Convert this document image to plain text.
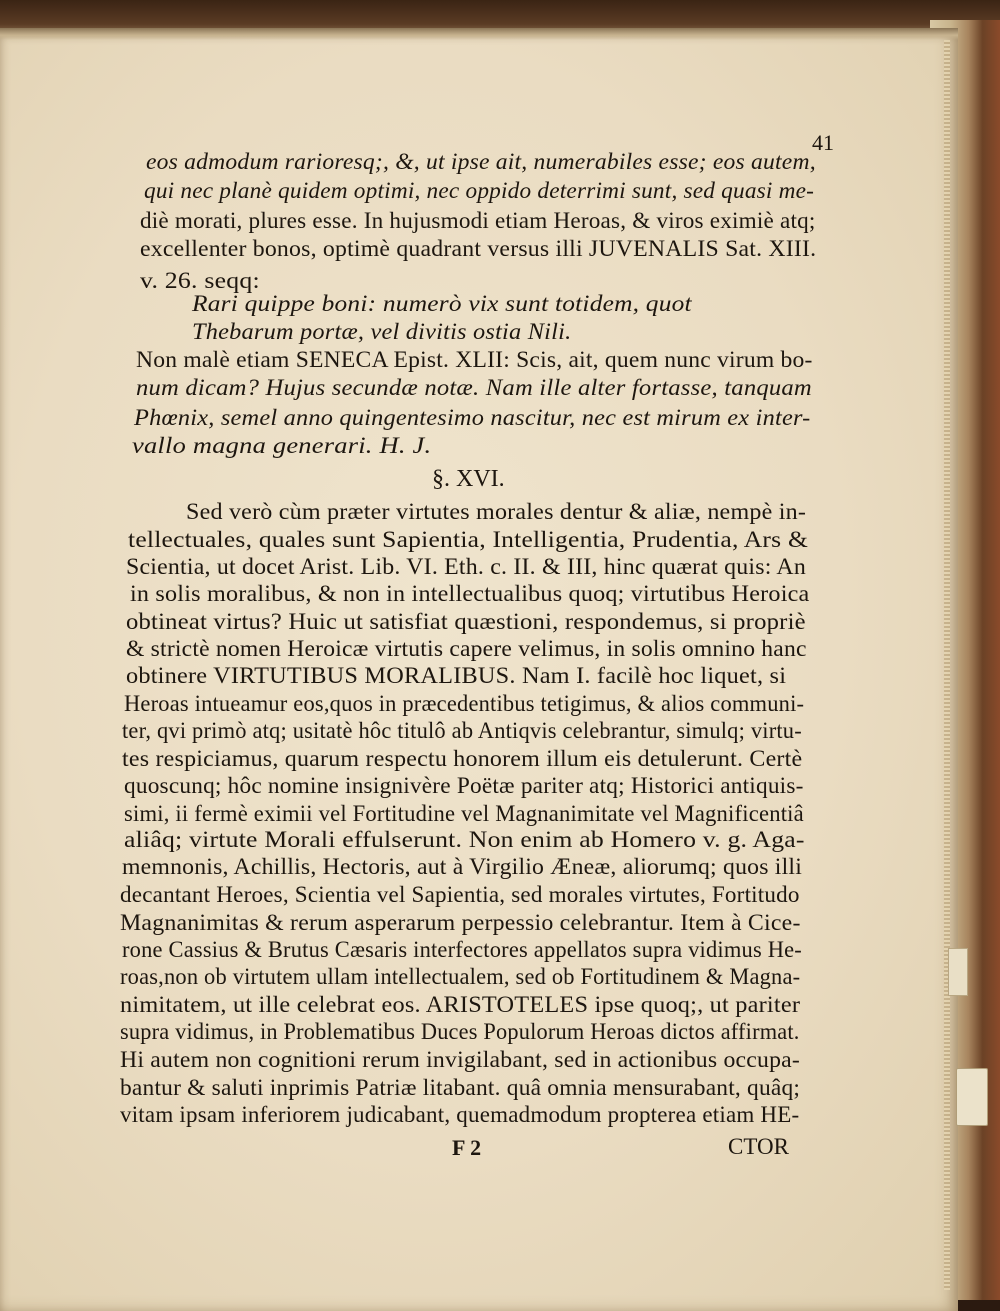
41
§. XVI.
F 2	CTOR
eos admodum rarioresq;, &, ut ipse ait, numerabiles esse; eos autem,
qui nec planè quidem optimi, nec oppido deterrimi sunt, sed quasi me-
diè morati, plures esse. In hujusmodi etiam Heroas, & viros eximiè atq;
excellenter bonos, optimè quadrant versus illi JUVENALIS Sat. XIII.
v. 26. seqq:
Rari quippe boni: numerò vix sunt totidem, quot
Thebarum portæ, vel divitis ostia Nili.
Non malè etiam SENECA Epist. XLII: Scis, ait, quem nunc virum bo-
num dicam? Hujus secundæ notæ. Nam ille alter fortasse, tanquam
Phœnix, semel anno quingentesimo nascitur, nec est mirum ex inter-
vallo magna generari. H. J.
Sed verò cùm præter virtutes morales dentur & aliæ, nempè in-
tellectuales, quales sunt Sapientia, Intelligentia, Prudentia, Ars &
Scientia, ut docet Arist. Lib. VI. Eth. c. II. & III, hinc quærat quis: An
in solis moralibus, & non in intellectualibus quoq; virtutibus Heroica
obtineat virtus? Huic ut satisfiat quæstioni, respondemus, si propriè
& strictè nomen Heroicæ virtutis capere velimus, in solis omnino hanc
obtinere VIRTUTIBUS MORALIBUS. Nam I. facilè hoc liquet, si
Heroas intueamur eos,quos in præcedentibus tetigimus, & alios communi-
ter, qvi primò atq; usitatè hôc titulô ab Antiqvis celebrantur, simulq; virtu-
tes respiciamus, quarum respectu honorem illum eis detulerunt. Certè
quoscunq; hôc nomine insignivère Poëtæ pariter atq; Historici antiquis-
simi, ii fermè eximii vel Fortitudine vel Magnanimitate vel Magnificentiâ
aliâq; virtute Morali effulserunt. Non enim ab Homero v. g. Aga-
memnonis, Achillis, Hectoris, aut à Virgilio Æneæ, aliorumq; quos illi
decantant Heroes, Scientia vel Sapientia, sed morales virtutes, Fortitudo
Magnanimitas & rerum asperarum perpessio celebrantur. Item à Cice-
rone Cassius & Brutus Cæsaris interfectores appellatos supra vidimus He-
roas,non ob virtutem ullam intellectualem, sed ob Fortitudinem & Magna-
nimitatem, ut ille celebrat eos. ARISTOTELES ipse quoq;, ut pariter
supra vidimus, in Problematibus Duces Populorum Heroas dictos affirmat.
Hi autem non cognitioni rerum invigilabant, sed in actionibus occupa-
bantur & saluti inprimis Patriæ litabant. quâ omnia mensurabant, quâq;
vitam ipsam inferiorem judicabant, quemadmodum propterea etiam HE-
